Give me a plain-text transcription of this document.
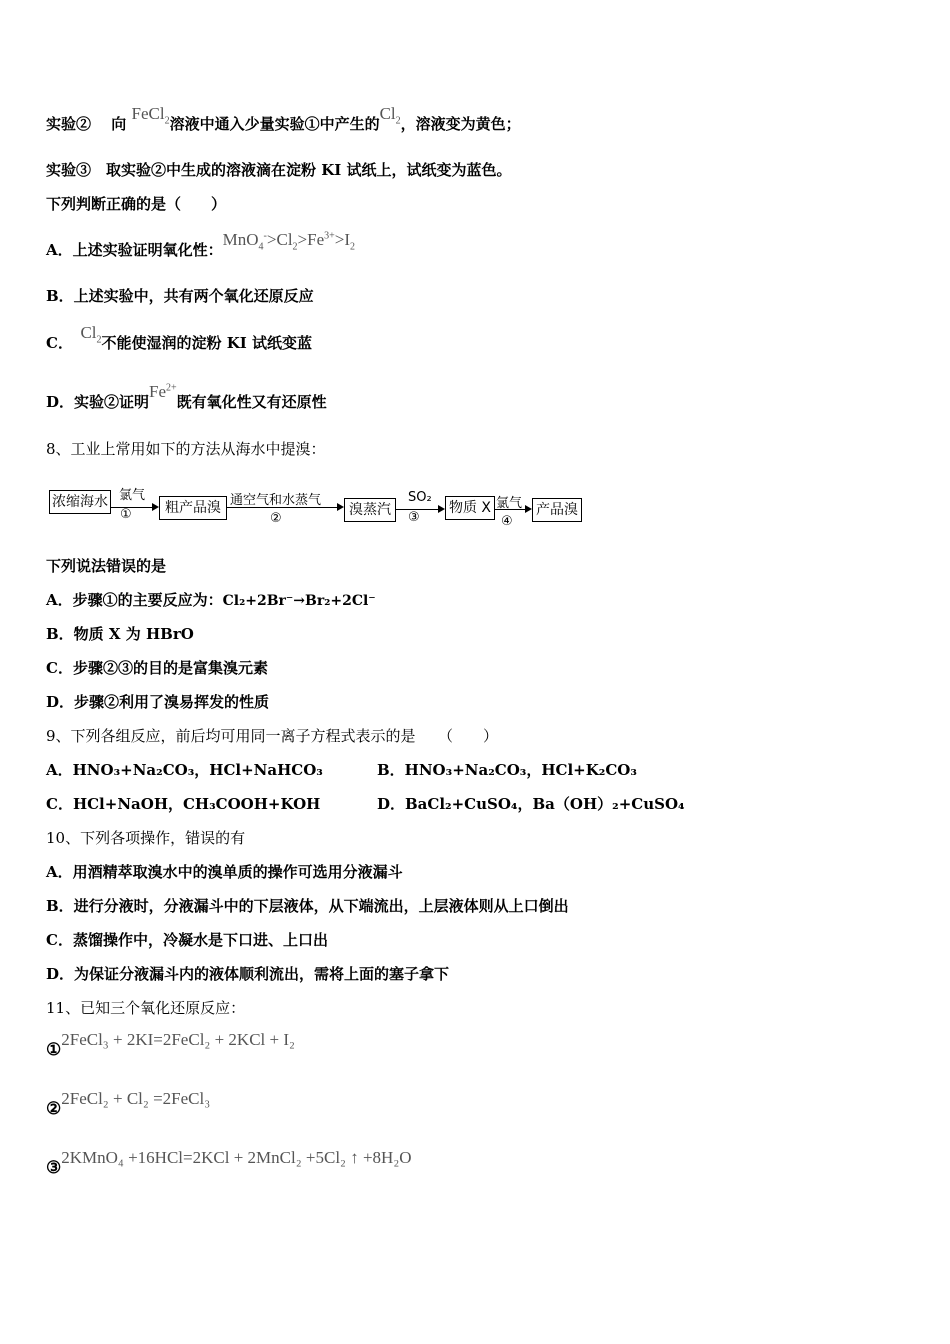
实验②　 向 FeCl$_2$溶液中通入少量实验①中产生的$Cl_2$，溶液变为黄色；
实验③　取实验②中生成的溶液滴在淀粉 KI 试纸上，试纸变为蓝色。
下列判断正确的是（　　）
A．上述实验证明氧化性：$MnO_4^->Cl_2>Fe^{3+}>I_2$
B．上述实验中，共有两个氧化还原反应
C．　$Cl_2$不能使湿润的淀粉 KI 试纸变蓝
D．实验②证明$Fe^{2+}$既有氧化性又有还原性
8、工业上常用如下的方法从海水中提溴：
浓缩海水 氯气
①	粗产品溴 通空气和水蒸气
②
溴蒸汽
SO₂
③
物质 X 氯气
④
产品溴
下列说法错误的是
A．步骤①的主要反应为：Cl₂+2Br⁻→Br₂+2Cl⁻
B．物质 X 为 HBrO
C．步骤②③的目的是富集溴元素
D．步骤②利用了溴易挥发的性质
9、下列各组反应，前后均可用同一离子方程式表示的是　　（　　）
A．HNO₃+Na₂CO₃，HCl+NaHCO₃	B．HNO₃+Na₂CO₃，HCl+K₂CO₃
C．HCl+NaOH，CH₃COOH+KOH	D．BaCl₂+CuSO₄，Ba（OH）₂+CuSO₄
10、下列各项操作，错误的有
A．用酒精萃取溴水中的溴单质的操作可选用分液漏斗
B．进行分液时，分液漏斗中的下层液体，从下端流出，上层液体则从上口倒出
C．蒸馏操作中，冷凝水是下口进、上口出
D．为保证分液漏斗内的液体顺利流出，需将上面的塞子拿下
11、已知三个氧化还原反应：
①2FeCl₃ + 2KI=2FeCl₂ + 2KCl + I₂
②2FeCl₂ + Cl₂ =2FeCl₃
③2KMnO₄ +16HCl=2KCl + 2MnCl₂ +5Cl₂ ↑ +8H₂O
